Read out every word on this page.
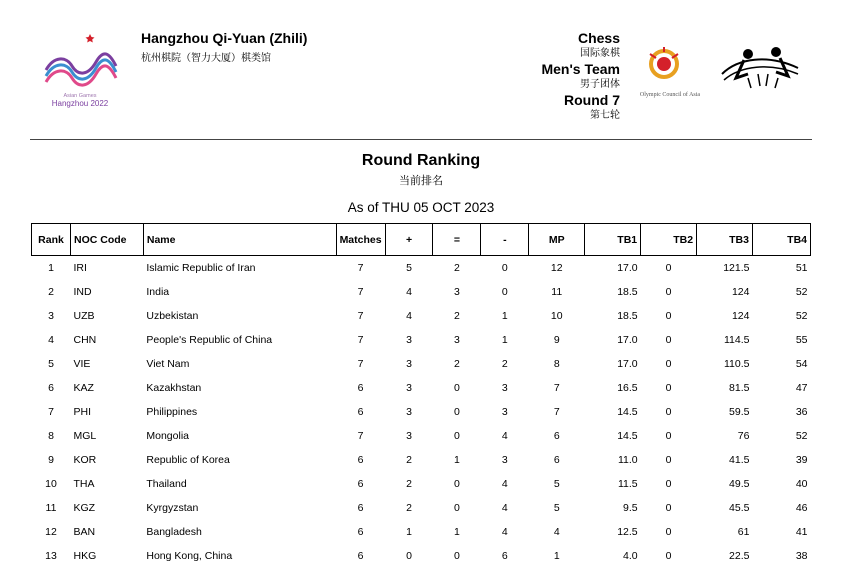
Asian Games
Hangzhou 2022
Hangzhou Qi-Yuan (Zhili)
杭州棋院（智力大厦）棋类馆
Chess
国际象棋
Men's Team
男子团体
Round 7
第七轮
Olympic Council of Asia
Round Ranking
当前排名
As of THU 05 OCT 2023
Rank	NOC Code	Name	Matches	+	=	-	MP	TB1	TB2	TB3	TB4
1	IRI	Islamic Republic of Iran	7	5	2	0	12	17.0	0	121.5	51
2	IND	India	7	4	3	0	11	18.5	0	124	52
3	UZB	Uzbekistan	7	4	2	1	10	18.5	0	124	52
4	CHN	People's Republic of China	7	3	3	1	9	17.0	0	114.5	55
5	VIE	Viet Nam	7	3	2	2	8	17.0	0	110.5	54
6	KAZ	Kazakhstan	6	3	0	3	7	16.5	0	81.5	47
7	PHI	Philippines	6	3	0	3	7	14.5	0	59.5	36
8	MGL	Mongolia	7	3	0	4	6	14.5	0	76	52
9	KOR	Republic of Korea	6	2	1	3	6	11.0	0	41.5	39
10	THA	Thailand	6	2	0	4	5	11.5	0	49.5	40
11	KGZ	Kyrgyzstan	6	2	0	4	5	9.5	0	45.5	46
12	BAN	Bangladesh	6	1	1	4	4	12.5	0	61	41
13	HKG	Hong Kong, China	6	0	0	6	1	4.0	0	22.5	38
